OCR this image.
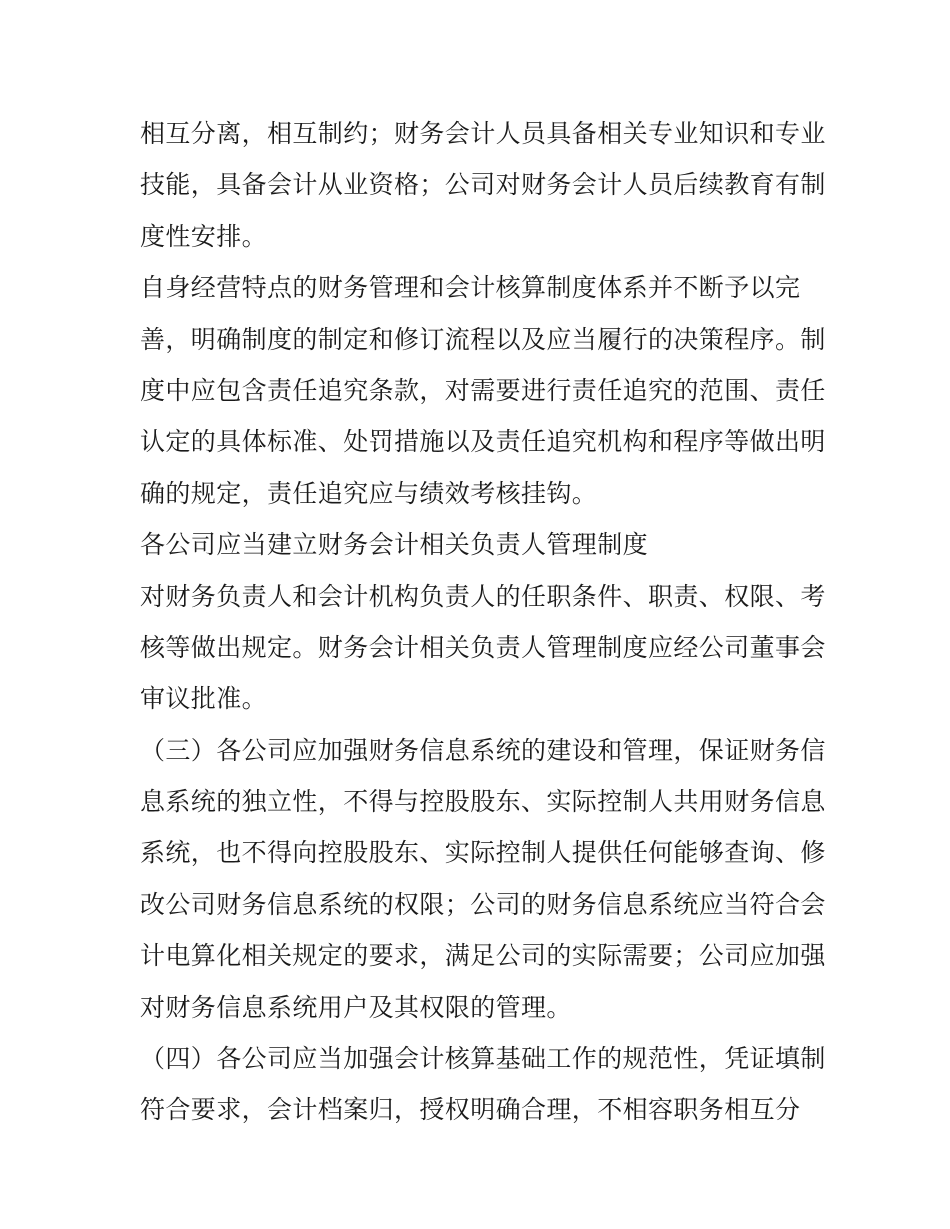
相互分离，相互制约；财务会计人员具备相关专业知识和专业
技能，具备会计从业资格；公司对财务会计人员后续教育有制
度性安排。
自身经营特点的财务管理和会计核算制度体系并不断予以完
善，明确制度的制定和修订流程以及应当履行的决策程序。制
度中应包含责任追究条款，对需要进行责任追究的范围、责任
认定的具体标准、处罚措施以及责任追究机构和程序等做出明
确的规定，责任追究应与绩效考核挂钩。
各公司应当建立财务会计相关负责人管理制度
对财务负责人和会计机构负责人的任职条件、职责、权限、考
核等做出规定。财务会计相关负责人管理制度应经公司董事会
审议批准。
（三）各公司应加强财务信息系统的建设和管理，保证财务信
息系统的独立性，不得与控股股东、实际控制人共用财务信息
系统，也不得向控股股东、实际控制人提供任何能够查询、修
改公司财务信息系统的权限；公司的财务信息系统应当符合会
计电算化相关规定的要求，满足公司的实际需要；公司应加强
对财务信息系统用户及其权限的管理。
（四）各公司应当加强会计核算基础工作的规范性，凭证填制
符合要求，会计档案归，授权明确合理，不相容职务相互分
